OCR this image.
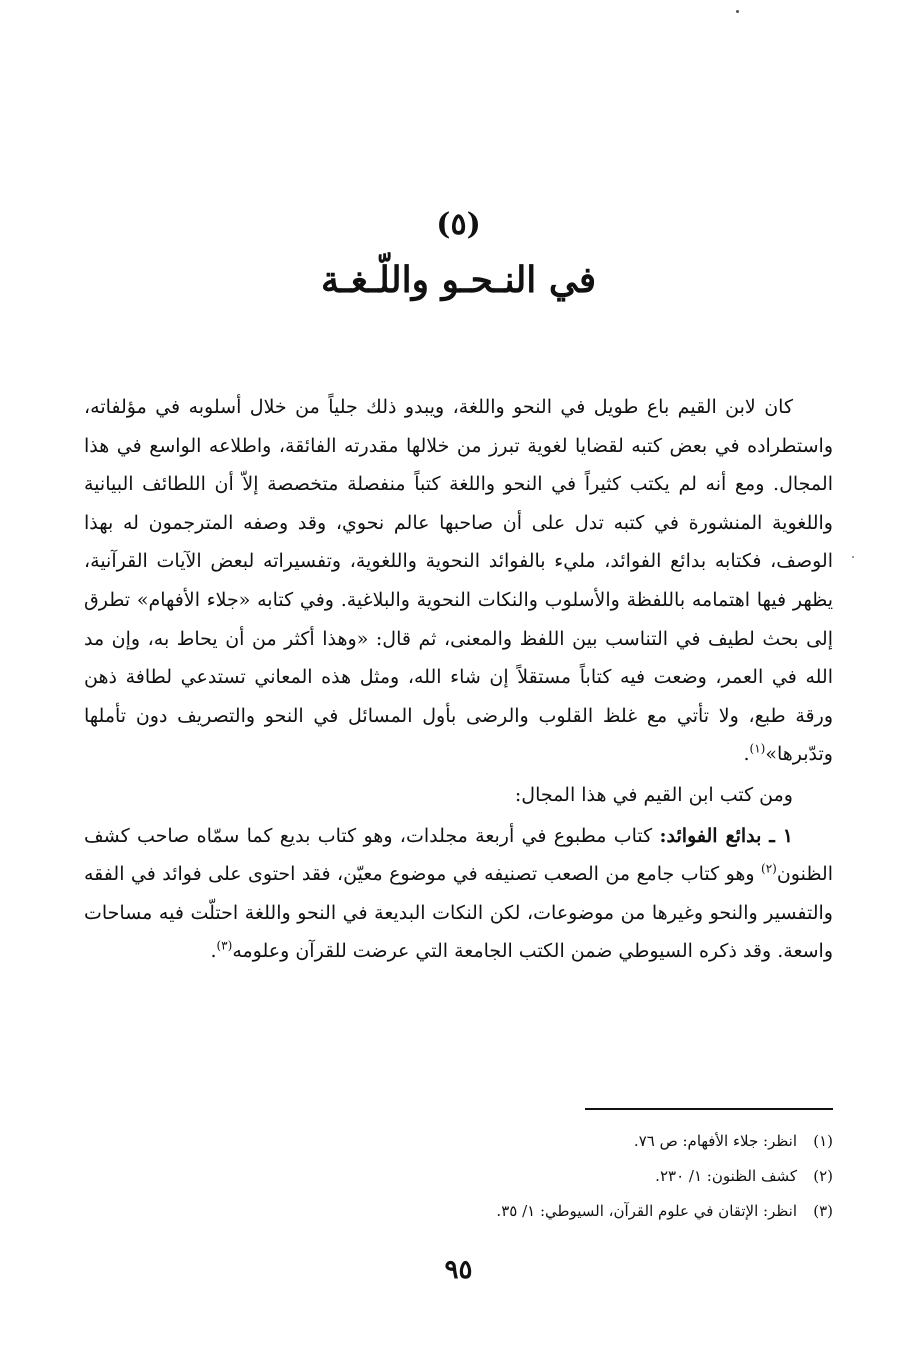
(٥)
في النـحـو واللّـغـة

كان لابن القيم باع طويل في النحو واللغة، ويبدو ذلك جلياً من خلال أسلوبه في مؤلفاته، واستطراده في بعض كتبه لقضايا لغوية تبرز من خلالها مقدرته الفائقة، واطلاعه الواسع في هذا المجال. ومع أنه لم يكتب كثيراً في النحو واللغة كتباً منفصلة متخصصة إلاّ أن اللطائف البيانية واللغوية المنشورة في كتبه تدل على أن صاحبها عالم نحوي، وقد وصفه المترجمون له بهذا الوصف، فكتابه بدائع الفوائد، مليء بالفوائد النحوية واللغوية، وتفسيراته لبعض الآيات القرآنية، يظهر فيها اهتمامه باللفظة والأسلوب والنكات النحوية والبلاغية. وفي كتابه «جلاء الأفهام» تطرق إلى بحث لطيف في التناسب بين اللفظ والمعنى، ثم قال: «وهذا أكثر من أن يحاط به، وإن مد الله في العمر، وضعت فيه كتاباً مستقلاً إن شاء الله، ومثل هذه المعاني تستدعي لطافة ذهن ورقة طبع، ولا تأتي مع غلظ القلوب والرضى بأول المسائل في النحو والتصريف دون تأملها وتدّبرها»$^{(١)}$.

ومن كتب ابن القيم في هذا المجال:

١ ـ بدائع الفوائد: كتاب مطبوع في أربعة مجلدات، وهو كتاب بديع كما سمّاه صاحب كشف الظنون$^{(٢)}$ وهو كتاب جامع من الصعب تصنيفه في موضوع معيّن، فقد احتوى على فوائد في الفقه والتفسير والنحو وغيرها من موضوعات، لكن النكات البديعة في النحو واللغة احتلّت فيه مساحات واسعة. وقد ذكره السيوطي ضمن الكتب الجامعة التي عرضت للقرآن وعلومه$^{(٣)}$.

(١)
انظر: جلاء الأفهام: ص ٧٦.
(٢)
كشف الظنون: ١/ ٢٣٠.
(٣)
انظر: الإتقان في علوم القرآن، السيوطي: ١/ ٣٥.
٩٥
